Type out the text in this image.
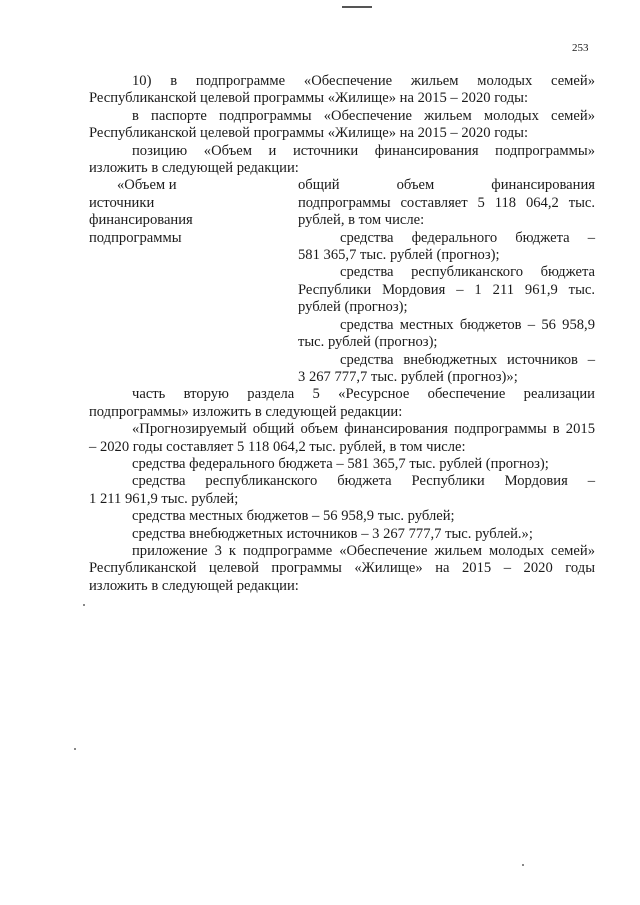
253
10) в подпрограмме «Обеспечение жильем молодых семей»
Республиканской целевой программы «Жилище» на 2015 – 2020 годы:
в паспорте подпрограммы «Обеспечение жильем молодых семей»
Республиканской целевой программы «Жилище» на 2015 – 2020 годы:
позицию «Объем и источники финансирования подпрограммы»
изложить в следующей редакции:
«Объем и
источники
финансирования
подпрограммы
общий объем финансирования
подпрограммы составляет 5 118 064,2 тыс.
рублей, в том числе:
средства федерального бюджета –
581 365,7 тыс. рублей (прогноз);
средства республиканского бюджета
Республики Мордовия – 1 211 961,9 тыс.
рублей (прогноз);
средства местных бюджетов – 56 958,9
тыс. рублей (прогноз);
средства внебюджетных источников –
3 267 777,7 тыс. рублей (прогноз)»;
часть вторую раздела 5 «Ресурсное обеспечение реализации
подпрограммы» изложить в следующей редакции:
«Прогнозируемый общий объем финансирования подпрограммы в 2015
– 2020 годы составляет 5 118 064,2 тыс. рублей, в том числе:
средства федерального бюджета – 581 365,7 тыс. рублей (прогноз);
средства республиканского бюджета Республики Мордовия –
1 211 961,9 тыс. рублей;
средства местных бюджетов – 56 958,9 тыс. рублей;
средства внебюджетных источников – 3 267 777,7 тыс. рублей.»;
приложение 3 к подпрограмме «Обеспечение жильем молодых семей»
Республиканской целевой программы «Жилище» на 2015 – 2020 годы
изложить в следующей редакции:
